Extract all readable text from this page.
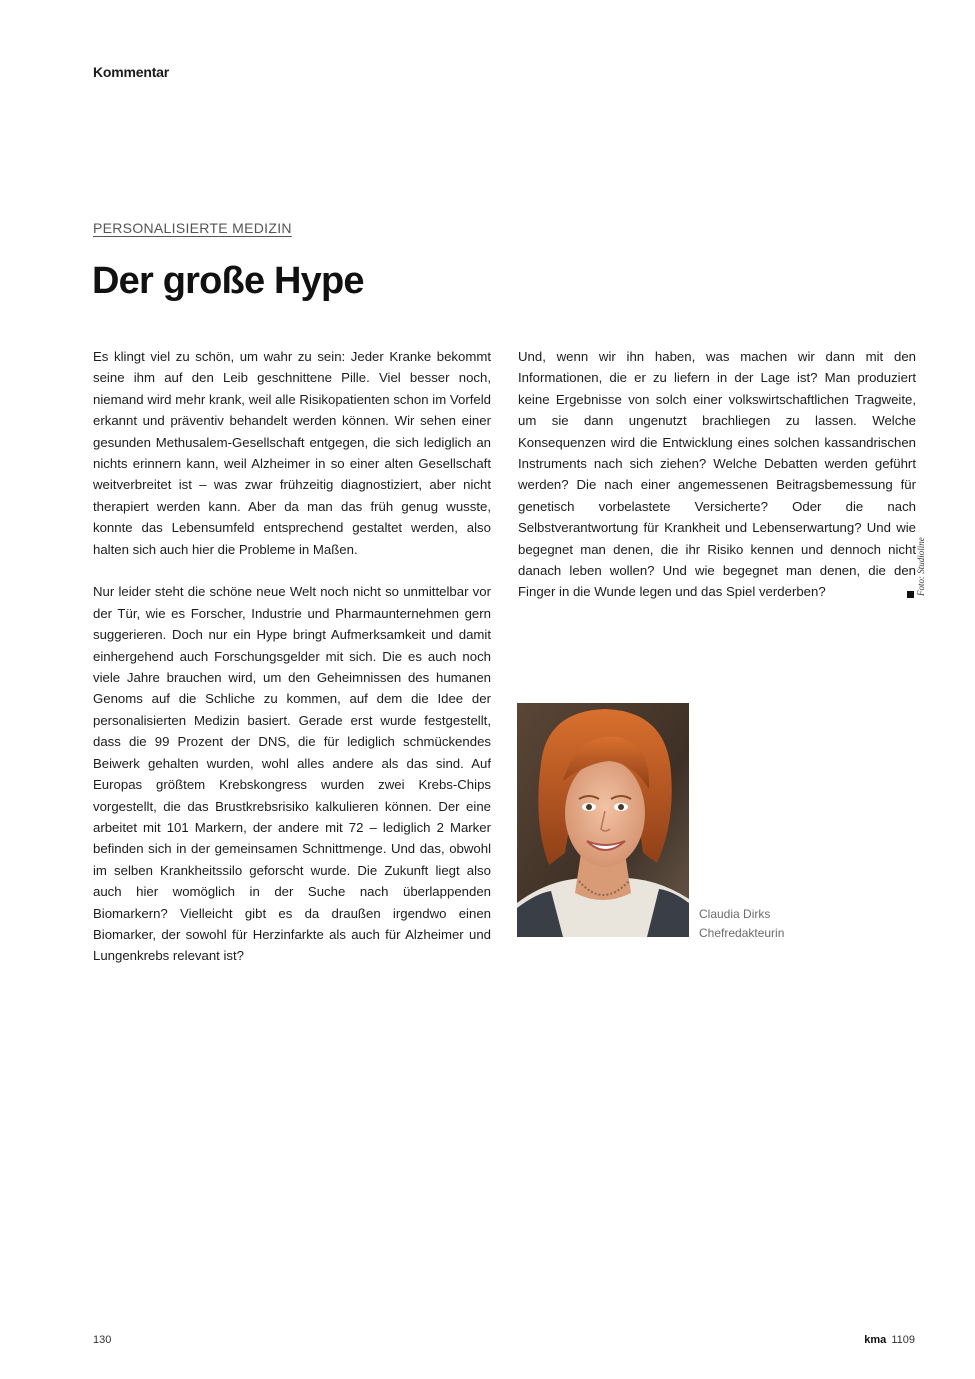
Kommentar
PERSONALISIERTE MEDIZIN
Der große Hype

Es klingt viel zu schön, um wahr zu sein: Jeder Kranke bekommt seine ihm auf den Leib geschnittene Pille. Viel besser noch, niemand wird mehr krank, weil alle Risikopatienten schon im Vorfeld erkannt und präventiv behandelt werden können. Wir sehen einer gesunden Methusalem-Gesellschaft entgegen, die sich lediglich an nichts erinnern kann, weil Alzheimer in so einer alten Gesellschaft weitverbreitet ist – was zwar frühzeitig diagnostiziert, aber nicht therapiert werden kann. Aber da man das früh genug wusste, konnte das Lebensumfeld entsprechend gestaltet werden, also halten sich auch hier die Probleme in Maßen.

Nur leider steht die schöne neue Welt noch nicht so unmittelbar vor der Tür, wie es Forscher, Industrie und Pharmaunternehmen gern suggerieren. Doch nur ein Hype bringt Aufmerksamkeit und damit einhergehend auch Forschungsgelder mit sich. Die es auch noch viele Jahre brauchen wird, um den Geheimnissen des humanen Genoms auf die Schliche zu kommen, auf dem die Idee der personalisierten Medizin basiert. Gerade erst wurde festgestellt, dass die 99 Prozent der DNS, die für lediglich schmückendes Beiwerk gehalten wurden, wohl alles andere als das sind. Auf Europas größtem Krebskongress wurden zwei Krebs-Chips vorgestellt, die das Brustkrebsrisiko kalkulieren können. Der eine arbeitet mit 101 Markern, der andere mit 72 – lediglich 2 Marker befinden sich in der gemeinsamen Schnittmenge. Und das, obwohl im selben Krankheitssilo geforscht wurde. Die Zukunft liegt also auch hier womöglich in der Suche nach überlappenden Biomarkern? Vielleicht gibt es da draußen irgendwo einen Biomarker, der sowohl für Herzinfarkte als auch für Alzheimer und Lungenkrebs relevant ist?

Und, wenn wir ihn haben, was machen wir dann mit den Informationen, die er zu liefern in der Lage ist? Man produziert keine Ergebnisse von solch einer volkswirtschaftlichen Tragweite, um sie dann ungenutzt brachliegen zu lassen. Welche Konsequenzen wird die Entwicklung eines solchen kassandrischen Instruments nach sich ziehen? Welche Debatten werden geführt werden? Die nach einer angemessenen Beitragsbemessung für genetisch vorbelastete Versicherte? Oder die nach Selbstverantwortung für Krankheit und Lebenserwartung? Und wie begegnet man denen, die ihr Risiko kennen und dennoch nicht danach leben wollen? Und wie begegnet man denen, die den Finger in die Wunde legen und das Spiel verderben?	Foto: Studioline
Claudia Dirks
Chefredakteurin
130	kma 1109
